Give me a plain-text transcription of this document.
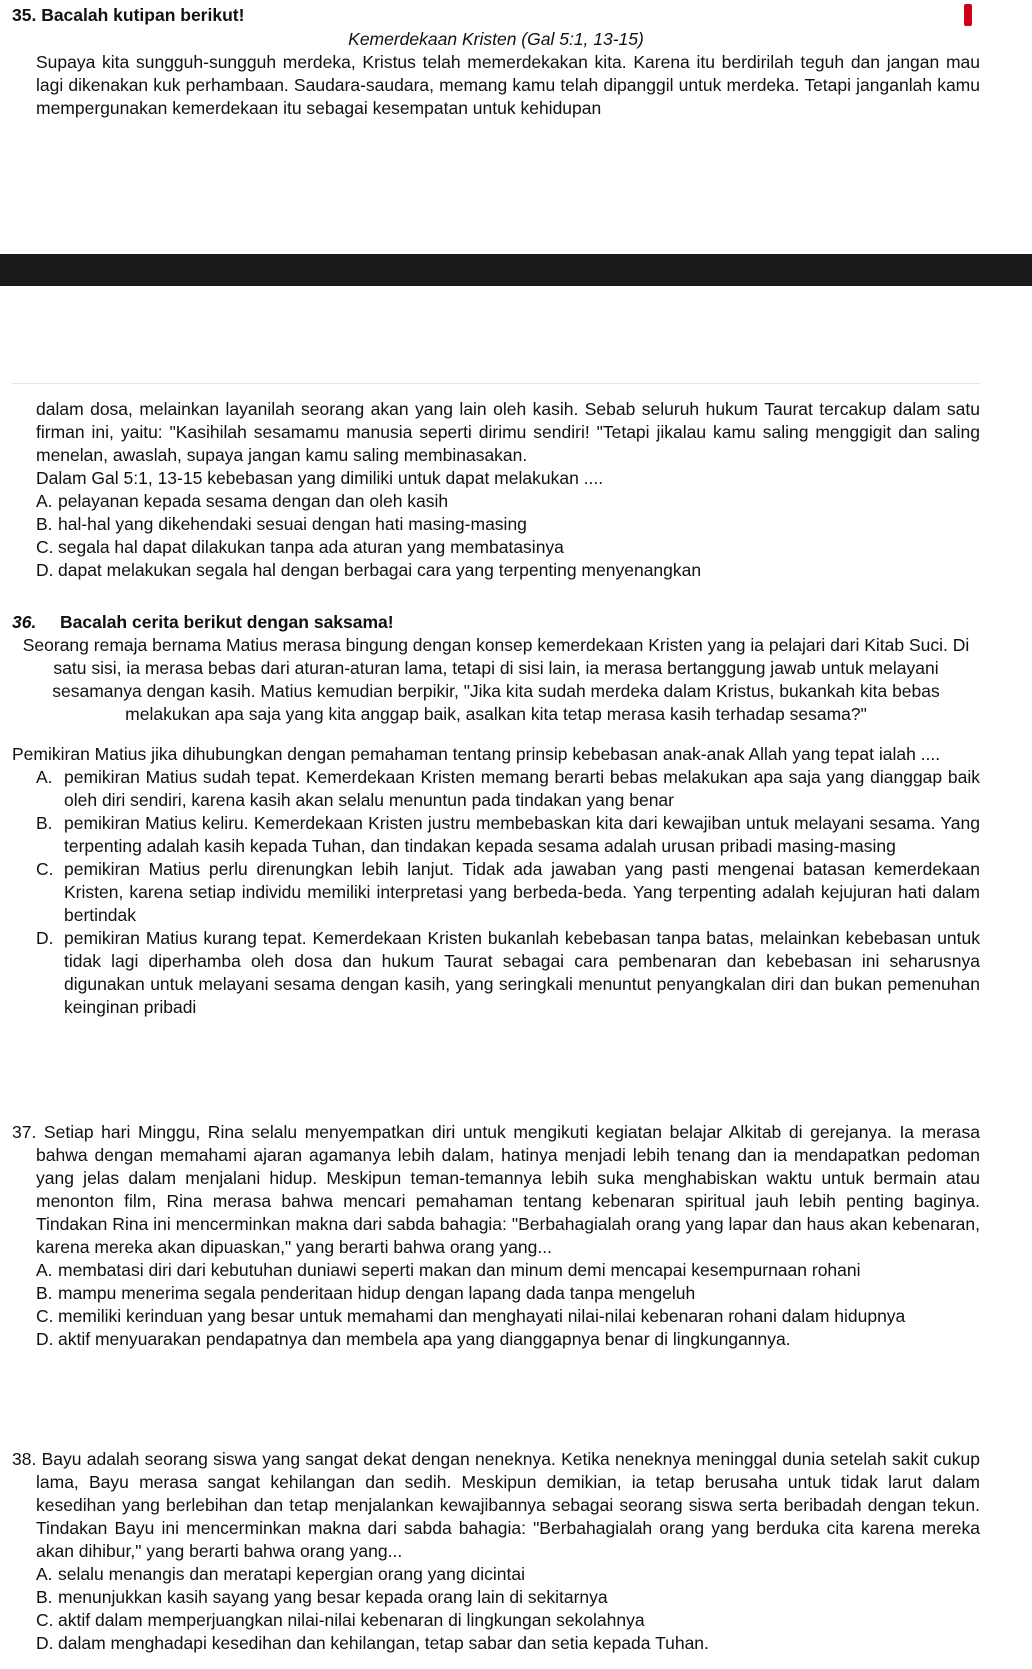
35. Bacalah kutipan berikut!
Kemerdekaan Kristen (Gal 5:1, 13-15)
Supaya kita sungguh-sungguh merdeka, Kristus telah memerdekakan kita. Karena itu berdirilah teguh dan jangan mau lagi dikenakan kuk perhambaan. Saudara-saudara, memang kamu telah dipanggil untuk merdeka. Tetapi janganlah kamu mempergunakan kemerdekaan itu sebagai kesempatan untuk kehidupan
dalam dosa, melainkan layanilah seorang akan yang lain oleh kasih. Sebab seluruh hukum Taurat tercakup dalam satu firman ini, yaitu: "Kasihilah sesamamu manusia seperti dirimu sendiri! "Tetapi jikalau kamu saling menggigit dan saling menelan, awaslah, supaya jangan kamu saling membinasakan.
Dalam Gal 5:1, 13-15 kebebasan yang dimiliki untuk dapat melakukan ....
A. pelayanan kepada sesama dengan dan oleh kasih
B. hal-hal yang dikehendaki sesuai dengan hati masing-masing
C. segala hal dapat dilakukan tanpa ada aturan yang membatasinya
D. dapat melakukan segala hal dengan berbagai cara yang terpenting menyenangkan
36. Bacalah cerita berikut dengan saksama!
Seorang remaja bernama Matius merasa bingung dengan konsep kemerdekaan Kristen yang ia pelajari dari Kitab Suci. Di satu sisi, ia merasa bebas dari aturan-aturan lama, tetapi di sisi lain, ia merasa bertanggung jawab untuk melayani sesamanya dengan kasih. Matius kemudian berpikir, "Jika kita sudah merdeka dalam Kristus, bukankah kita bebas melakukan apa saja yang kita anggap baik, asalkan kita tetap merasa kasih terhadap sesama?"
Pemikiran Matius jika dihubungkan dengan pemahaman tentang prinsip kebebasan anak-anak Allah yang tepat ialah ....
A. pemikiran Matius sudah tepat. Kemerdekaan Kristen memang berarti bebas melakukan apa saja yang dianggap baik oleh diri sendiri, karena kasih akan selalu menuntun pada tindakan yang benar
B. pemikiran Matius keliru. Kemerdekaan Kristen justru membebaskan kita dari kewajiban untuk melayani sesama. Yang terpenting adalah kasih kepada Tuhan, dan tindakan kepada sesama adalah urusan pribadi masing-masing
C. pemikiran Matius perlu direnungkan lebih lanjut. Tidak ada jawaban yang pasti mengenai batasan kemerdekaan Kristen, karena setiap individu memiliki interpretasi yang berbeda-beda. Yang terpenting adalah kejujuran hati dalam bertindak
D. pemikiran Matius kurang tepat. Kemerdekaan Kristen bukanlah kebebasan tanpa batas, melainkan kebebasan untuk tidak lagi diperhamba oleh dosa dan hukum Taurat sebagai cara pembenaran dan kebebasan ini seharusnya digunakan untuk melayani sesama dengan kasih, yang seringkali menuntut penyangkalan diri dan bukan pemenuhan keinginan pribadi
37. Setiap hari Minggu, Rina selalu menyempatkan diri untuk mengikuti kegiatan belajar Alkitab di gerejanya. Ia merasa bahwa dengan memahami ajaran agamanya lebih dalam, hatinya menjadi lebih tenang dan ia mendapatkan pedoman yang jelas dalam menjalani hidup. Meskipun teman-temannya lebih suka menghabiskan waktu untuk bermain atau menonton film, Rina merasa bahwa mencari pemahaman tentang kebenaran spiritual jauh lebih penting baginya. Tindakan Rina ini mencerminkan makna dari sabda bahagia: "Berbahagialah orang yang lapar dan haus akan kebenaran, karena mereka akan dipuaskan," yang berarti bahwa orang yang...
A. membatasi diri dari kebutuhan duniawi seperti makan dan minum demi mencapai kesempurnaan rohani
B. mampu menerima segala penderitaan hidup dengan lapang dada tanpa mengeluh
C. memiliki kerinduan yang besar untuk memahami dan menghayati nilai-nilai kebenaran rohani dalam hidupnya
D. aktif menyuarakan pendapatnya dan membela apa yang dianggapnya benar di lingkungannya.
38. Bayu adalah seorang siswa yang sangat dekat dengan neneknya. Ketika neneknya meninggal dunia setelah sakit cukup lama, Bayu merasa sangat kehilangan dan sedih. Meskipun demikian, ia tetap berusaha untuk tidak larut dalam kesedihan yang berlebihan dan tetap menjalankan kewajibannya sebagai seorang siswa serta beribadah dengan tekun. Tindakan Bayu ini mencerminkan makna dari sabda bahagia: "Berbahagialah orang yang berduka cita karena mereka akan dihibur," yang berarti bahwa orang yang...
A. selalu menangis dan meratapi kepergian orang yang dicintai
B. menunjukkan kasih sayang yang besar kepada orang lain di sekitarnya
C. aktif dalam memperjuangkan nilai-nilai kebenaran di lingkungan sekolahnya
D. dalam menghadapi kesedihan dan kehilangan, tetap sabar dan setia kepada Tuhan.
